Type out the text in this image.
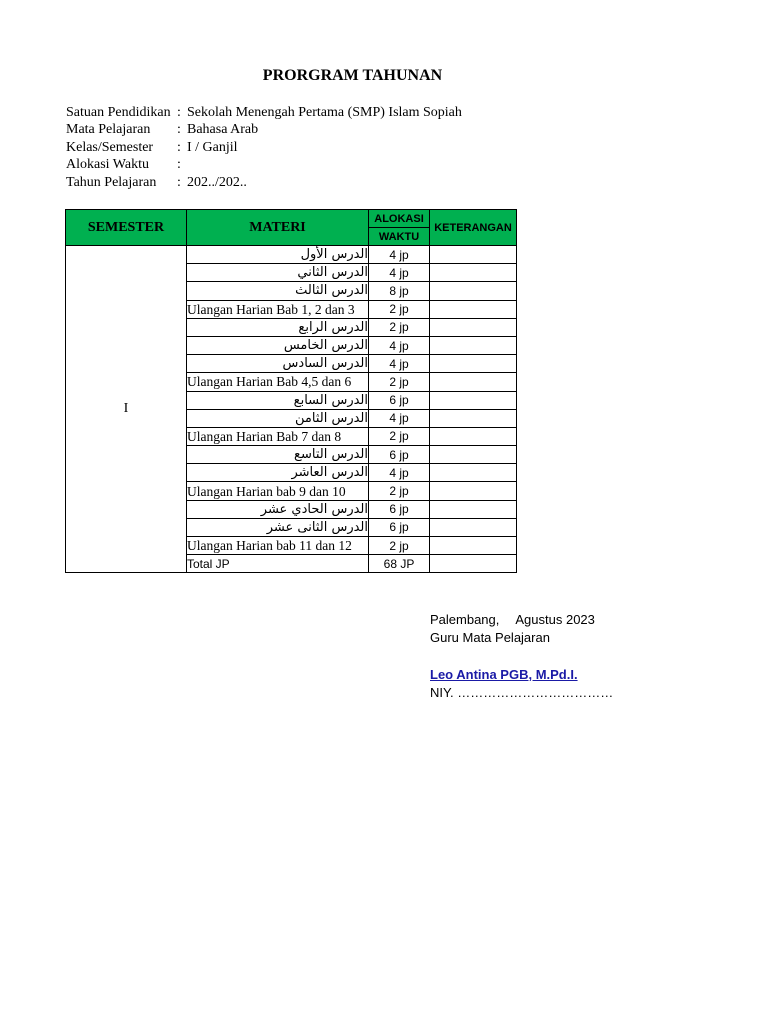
PRORGRAM TAHUNAN
Satuan Pendidikan : Sekolah Menengah Pertama (SMP) Islam Sopiah
Mata Pelajaran : Bahasa Arab
Kelas/Semester : I / Ganjil
Alokasi Waktu :
Tahun Pelajaran : 202../202..
SEMESTER	MATERI	ALOKASI	KETERANGAN
		WAKTU	
I	الدرس الأول	4 jp	
	الدرس الثاني	4 jp	
	الدرس الثالث	8 jp	
	Ulangan Harian Bab 1, 2 dan 3	2 jp	
	الدرس الرابع	2 jp	
	الدرس الخامس	4 jp	
	الدرس السادس	4 jp	
	Ulangan Harian Bab 4,5 dan 6	2 jp	
	الدرس السابع	6 jp	
	الدرس الثامن	4 jp	
	Ulangan Harian Bab 7 dan 8	2 jp	
	الدرس التاسع	6 jp	
	الدرس العاشر	4 jp	
	Ulangan Harian bab 9 dan 10	2 jp	
	الدرس الحادي عشر	6 jp	
	الدرس الثانى عشر	6 jp	
	Ulangan Harian bab 11 dan 12	2 jp	
	Total JP	68 JP	
Palembang, Agustus 2023
Guru Mata Pelajaran
Leo Antina PGB, M.Pd.I.
NIY. ………………………………
